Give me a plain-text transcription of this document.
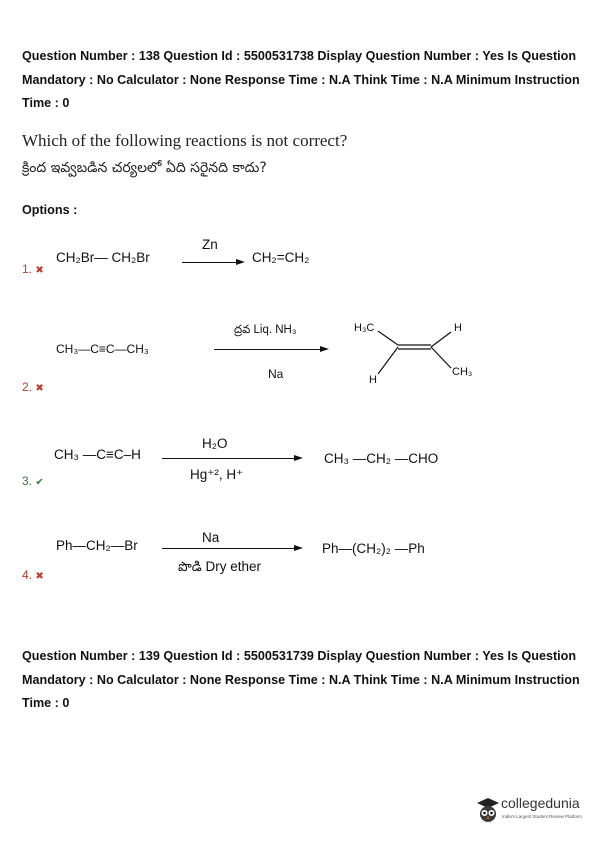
Question Number : 138 Question Id : 5500531738 Display Question Number : Yes Is Question
Mandatory : No Calculator : None Response Time : N.A Think Time : N.A Minimum Instruction
Time : 0
Which of the following reactions is not correct?
క్రింద ఇవ్వబడిన చర్యలలో ఏది సరైనది కాదు?
Options :
1. ✖
CH₂Br— CH₂Br
Zn
CH₂=CH₂
2. ✖
CH₃—C≡C—CH₃
ద్రవ Liq. NH₃
Na
H₃C	H
H
CH₃
3. ✔
CH₃ —C≡C–H
H₂O
Hg⁺², H⁺
CH₃ —CH₂ —CHO
4. ✖
Ph—CH₂—Br
Na
పొడి Dry ether
Ph—(CH₂)₂ —Ph
Question Number : 139 Question Id : 5500531739 Display Question Number : Yes Is Question
Mandatory : No Calculator : None Response Time : N.A Think Time : N.A Minimum Instruction
Time : 0
collegedunia
India's Largest Student Review Platform
